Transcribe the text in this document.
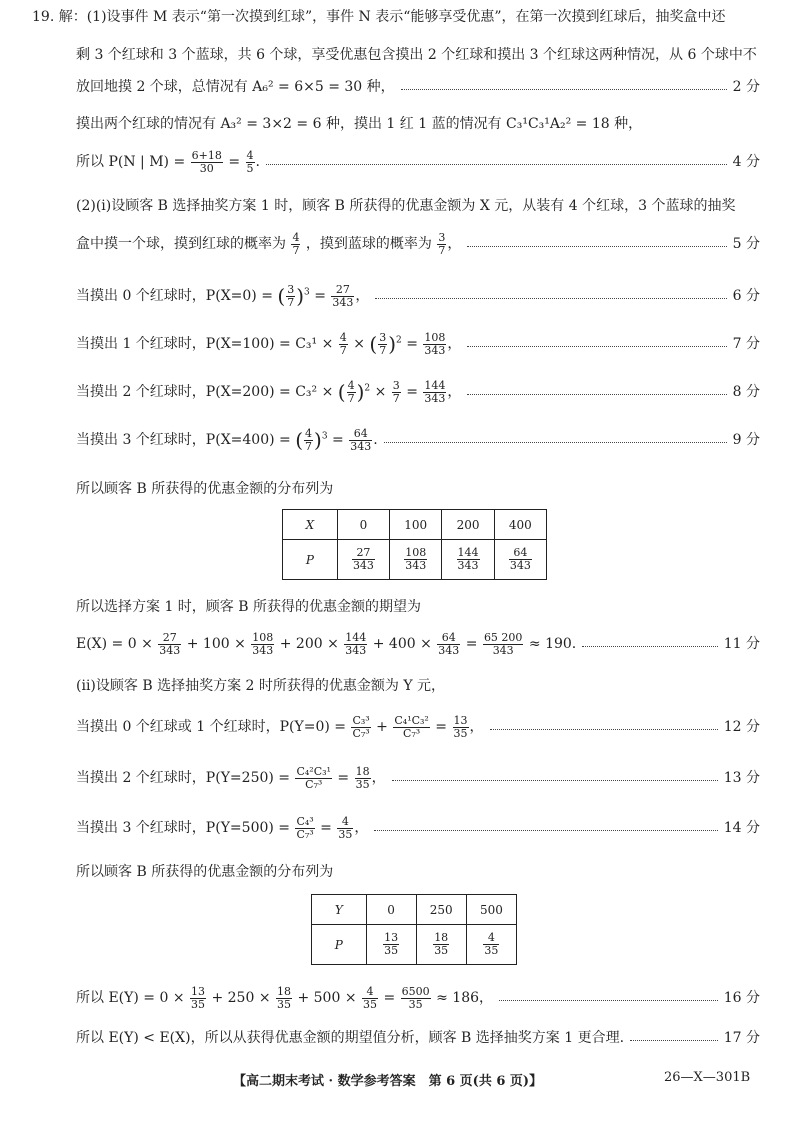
19. 解：(1)设事件 M 表示“第一次摸到红球”，事件 N 表示“能够享受优惠”，在第一次摸到红球后，抽奖盒中还
剩 3 个红球和 3 个蓝球，共 6 个球，享受优惠包含摸出 2 个红球和摸出 3 个红球这两种情况，从 6 个球中不
放回地摸 2 个球，总情况有 A₆² = 6×5 = 30 种，	2 分
摸出两个红球的情况有 A₃² = 3×2 = 6 种，摸出 1 红 1 蓝的情况有 C₃¹C₃¹A₂² = 18 种，
所以 P(N | $M) = \frac{6+18}{30} = \frac{4}{5}$ .	4 分
(2)(ⅰ)设顾客 B 选择抽奖方案 1 时，顾客 B 所获得的优惠金额为 X 元，从装有 4 个红球，3 个蓝球的抽奖
盒中摸一个球，摸到红球的概率为 $\frac{4}{7}$ ，摸到蓝球的概率为 $\frac{3}{7}$ ，	5 分
当摸出 0 个红球时，P(X=0) = ( $\frac{3}{7} )^3 = \frac{27}{343}$ ，	6 分
当摸出 1 个红球时，$P(X=100) = C_3^1 \times \frac{4}{7}$ × ( $\frac{3}{7} )^2 = \frac{108}{343}$ ，	7 分
当摸出 2 个红球时，P(X=200) = C₃² × ( $\frac{4}{7} )^2 \times \frac{3}{7} = \frac{144}{343}$ ，	8 分
当摸出 3 个红球时，P(X=400) = ( $\frac{4}{7} )^3 = \frac{64}{343}$ .	9 分
所以顾客 B 所获得的优惠金额的分布列为
X	0	100	200	400
P	$\frac{27}{343}$	$\frac{108}{343}$	$\frac{144}{343}$	$\frac{64}{343}$
所以选择方案 1 时，顾客 B 所获得的优惠金额的期望为
$E(X) = 0 \times \frac{27}{343} + 100 \times \frac{108}{343} + 200 \times \frac{144}{343} + 400 \times \frac{64}{343} = \frac{65 200}{343} \approx 190$.	11 分
(ⅱ)设顾客 B 选择抽奖方案 2 时所获得的优惠金额为 Y 元，
当摸出 0 个红球或 1 个红球时，$P(Y=0) = \frac{\text{C₃³}}{\text{C₇³}} + \frac{\text{C₄¹C₃²}}{\text{C₇³}} = \frac{13}{35}$ ，	12 分
当摸出 2 个红球时，$P(Y=250) = \frac{\text{C₄²C₃¹}}{\text{C₇³}} = \frac{18}{35}$ ，	13 分
当摸出 3 个红球时，$P(Y=500) = \frac{\text{C₄³}}{\text{C₇³}} = \frac{4}{35}$ ，	14 分
所以顾客 B 所获得的优惠金额的分布列为
Y	0	250	500
P	$\frac{13}{35}$	$\frac{18}{35}$	$\frac{4}{35}$
所以 $E(Y) = 0 \times \frac{13}{35} + 250 \times \frac{18}{35} + 500 \times \frac{4}{35} = \frac{6500}{35} \approx 186$，	16 分
所以 E(Y) < E(X)，所以从获得优惠金额的期望值分析，顾客 B 选择抽奖方案 1 更合理.	17 分
【高二期末考试 · 数学参考答案　第 6 页(共 6 页)】	26—X—301B
